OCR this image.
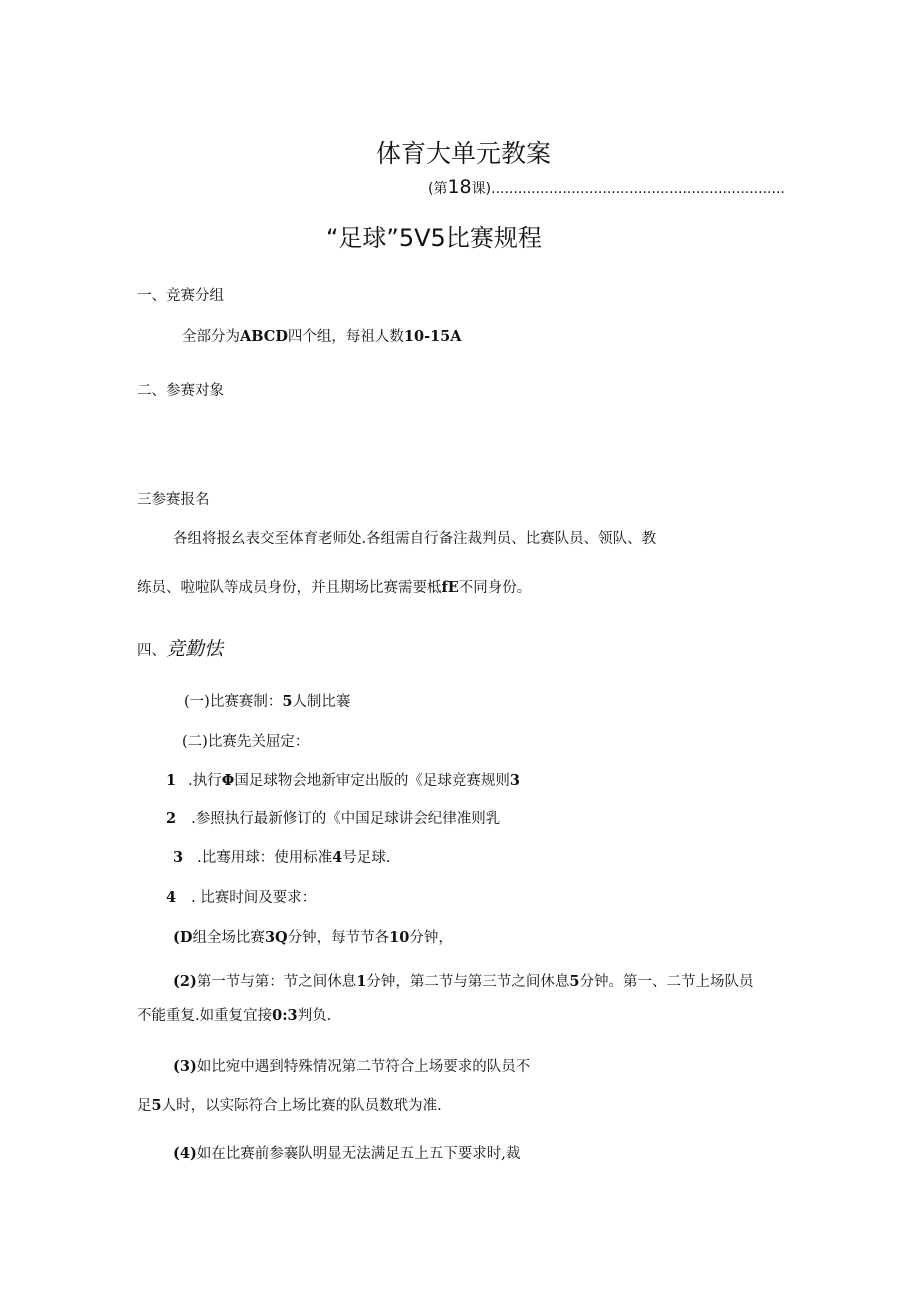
体育大单元教案
(第18课)..................................................................
“足球”5V5比赛规程
一、竞赛分组
全部分为ABCD四个组，每祖人数10-15A
二、参赛对象
三参赛报名
各组将报幺表交至体育老师处.各组需自行备注裁判员、比赛队员、领队、教
练员、啦啦队等成员身份，并且期场比赛需要柢fE不同身份。
四、竞勤怯
(一)比赛赛制：5人制比褰
(二)比赛先关屈定：
1 .执行Φ国足球物会地新审定出版的《足球竞赛规则3
2 .参照执行最新修订的《中国足球讲会纪律准则乳
3 .比骞用球：使用标准4号足球.
4 . 比赛时间及要求：
(D组全场比赛3Q分钟，每节节各10分钟，
(2)第一节与第：节之间休息1分钟，第二节与第三节之间休息5分钟。第一、二节上场队员
不能重复.如重复宜接0:3判负.
(3)如比宛中遇到特殊情况第二节符合上场要求的队员不
足5人时，以实际符合上场比赛的队员数玳为准.
(4)如在比赛前参褰队明显无法满足五上五下要求时,裁
